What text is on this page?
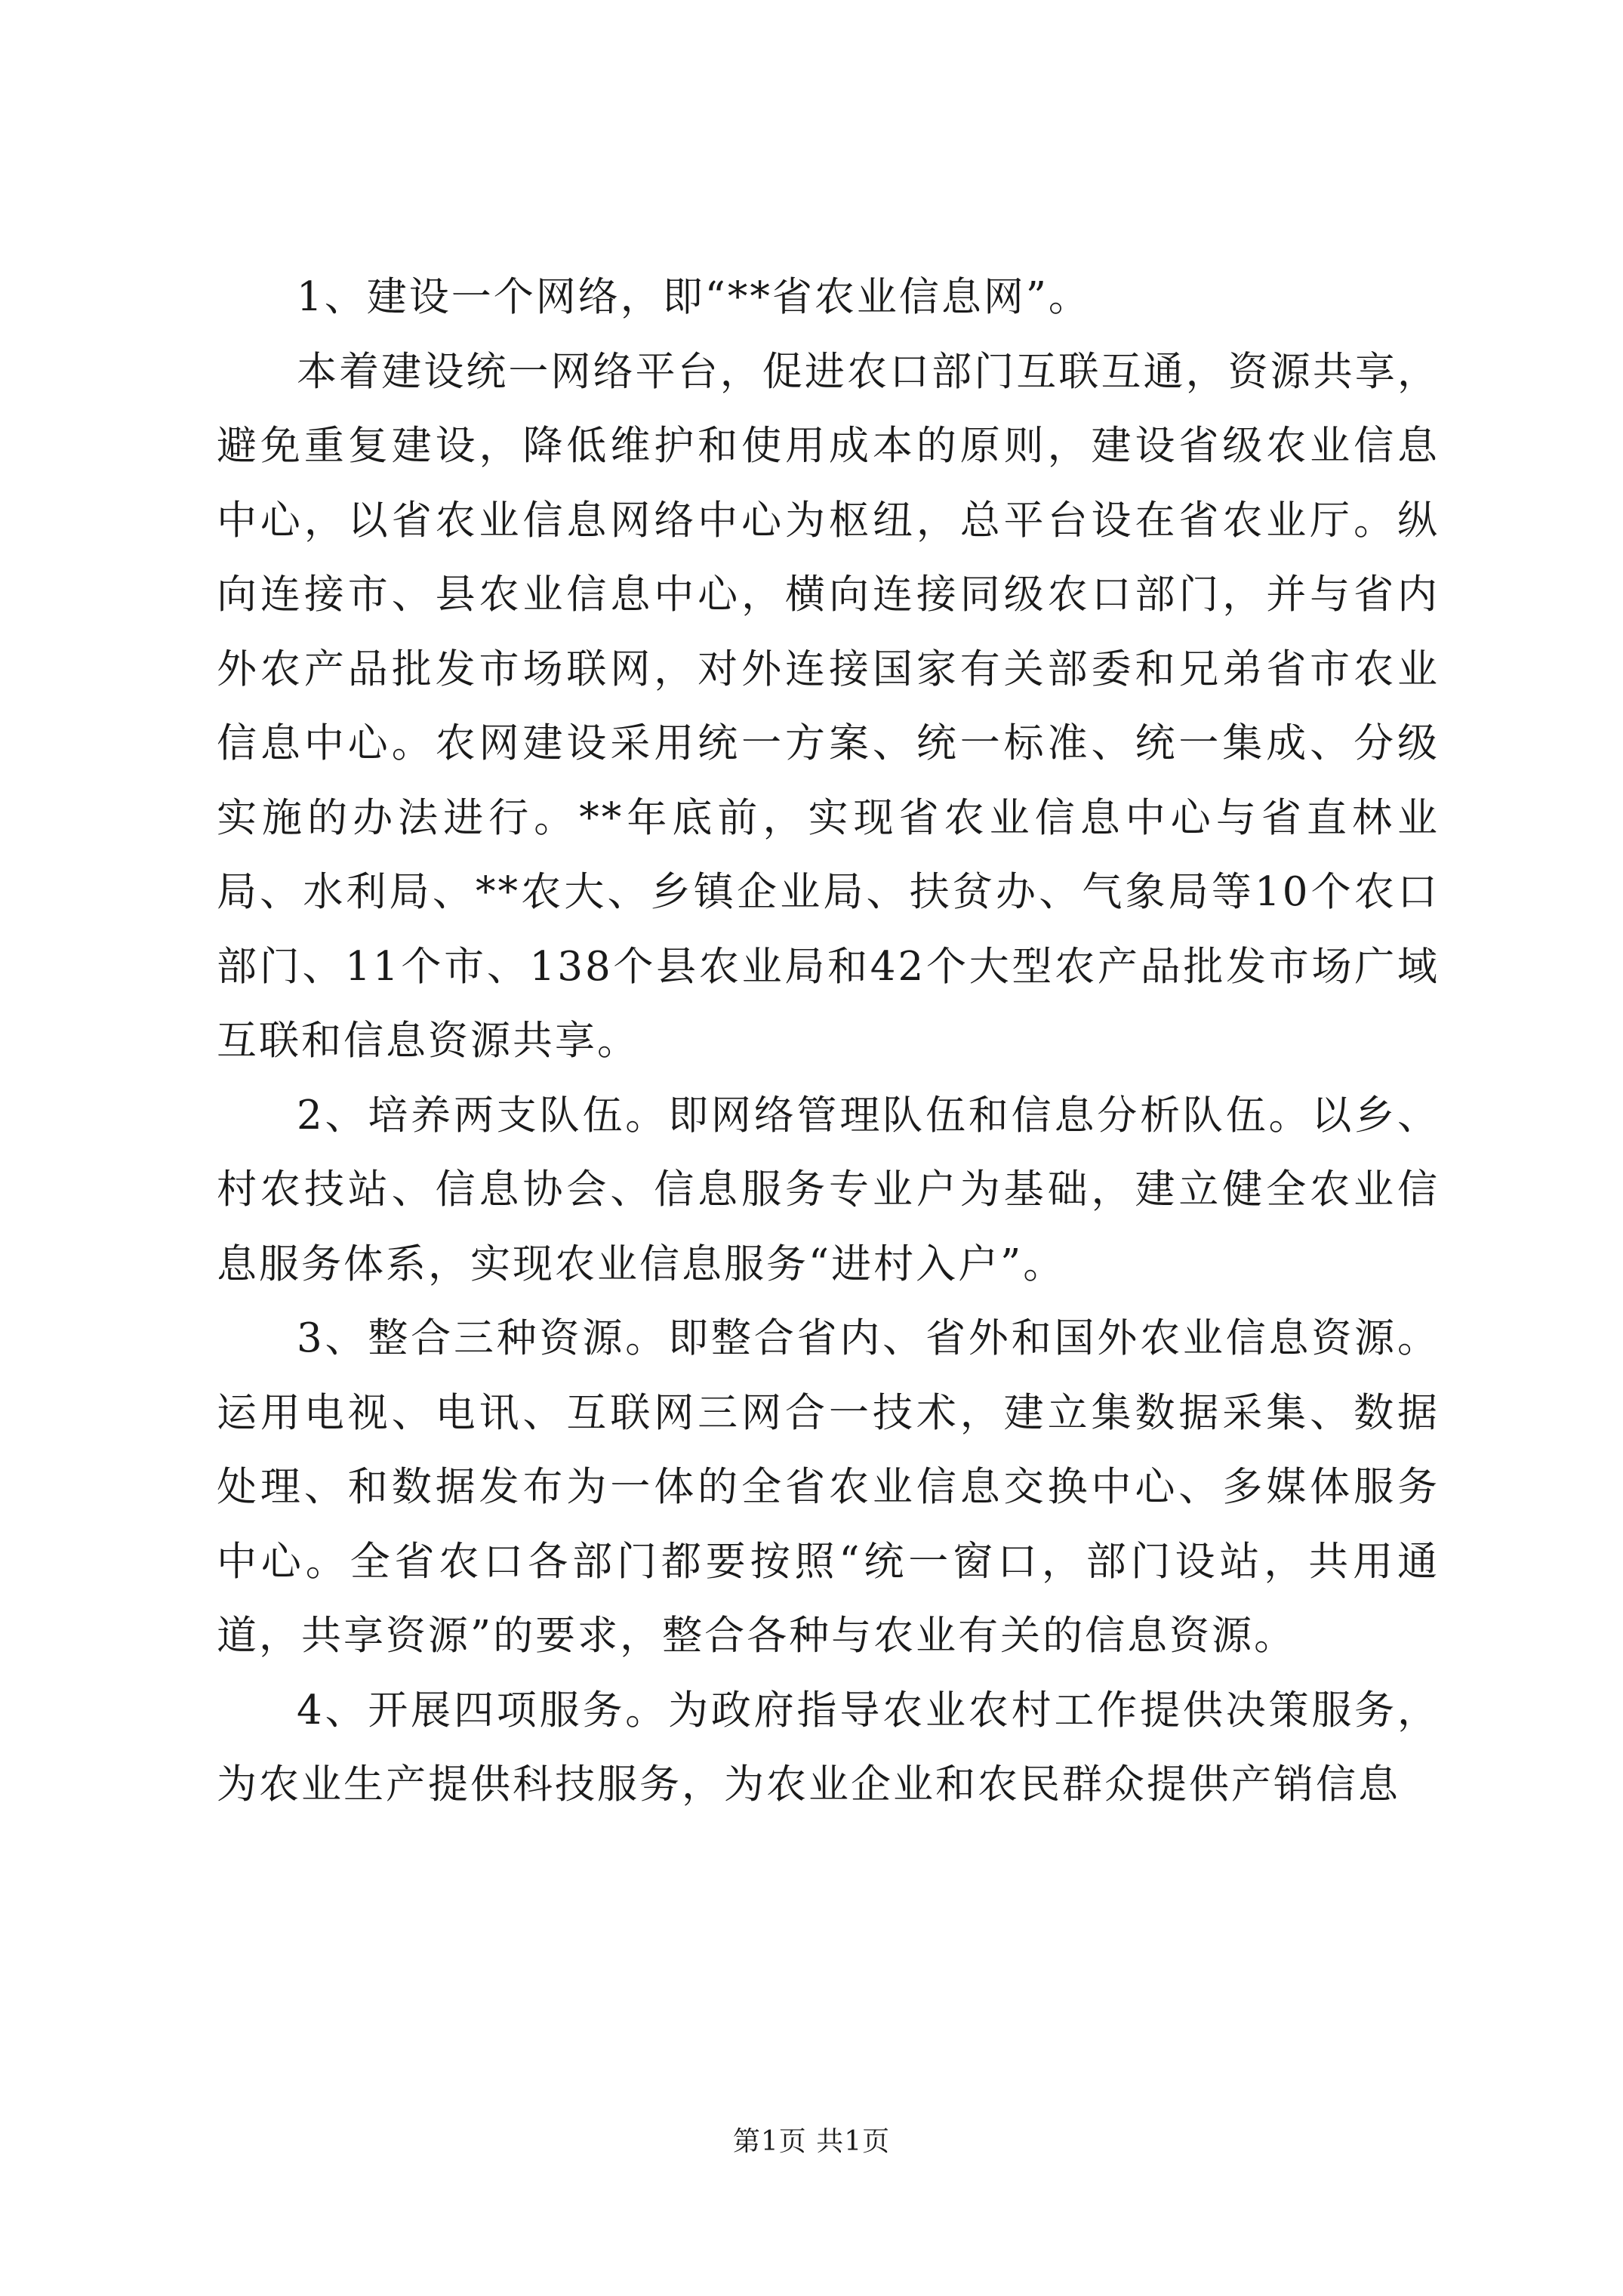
1、建设一个网络，即“**省农业信息网”。

本着建设统一网络平台，促进农口部门互联互通，资源共享，避免重复建设，降低维护和使用成本的原则，建设省级农业信息中心，以省农业信息网络中心为枢纽，总平台设在省农业厅。纵向连接市、县农业信息中心，横向连接同级农口部门，并与省内外农产品批发市场联网，对外连接国家有关部委和兄弟省市农业信息中心。农网建设采用统一方案、统一标准、统一集成、分级实施的办法进行。**年底前，实现省农业信息中心与省直林业局、水利局、**农大、乡镇企业局、扶贫办、气象局等10个农口部门、11个市、138个县农业局和42个大型农产品批发市场广域互联和信息资源共享。

2、培养两支队伍。即网络管理队伍和信息分析队伍。以乡、村农技站、信息协会、信息服务专业户为基础，建立健全农业信息服务体系，实现农业信息服务“进村入户”。

3、整合三种资源。即整合省内、省外和国外农业信息资源。运用电视、电讯、互联网三网合一技术，建立集数据采集、数据处理、和数据发布为一体的全省农业信息交换中心、多媒体服务中心。全省农口各部门都要按照“统一窗口，部门设站，共用通道，共享资源”的要求，整合各种与农业有关的信息资源。

4、开展四项服务。为政府指导农业农村工作提供决策服务，为农业生产提供科技服务，为农业企业和农民群众提供产销信息

第1页 共1页
